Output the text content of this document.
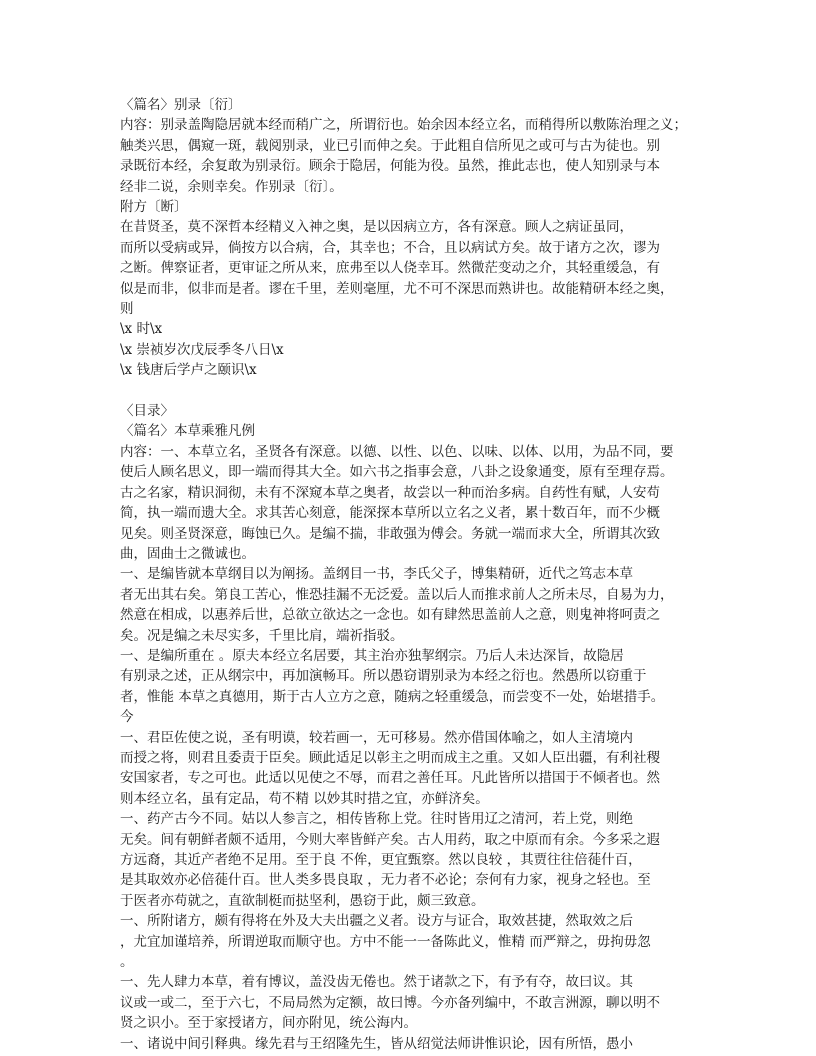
〈篇名〉别录〔衍〕
内容：别录盖陶隐居就本经而稍广之，所谓衍也。始余因本经立名，而稍得所以敷陈治理之义；
触类兴思，偶窥一斑，载阅别录，业已引而伸之矣。于此粗自信所见之或可与古为徒也。别
录既衍本经，余复敢为别录衍。顾余于隐居，何能为役。虽然，推此志也，使人知别录与本
经非二说，余则幸矣。作别录〔衍〕。
附方〔断〕
在昔贤圣，莫不深哲本经精义入神之奥，是以因病立方，各有深意。顾人之病证虽同，
而所以受病或异，倘按方以合病，合，其幸也；不合，且以病试方矣。故于诸方之次，谬为
之断。俾察证者，更审证之所从来，庶弗至以人侥幸耳。然微茫变动之介，其轻重缓急，有
似是而非，似非而是者。谬在千里，差则毫厘，尤不可不深思而熟讲也。故能精研本经之奥，
则
\x 时\x
\x 崇祯岁次戊辰季冬八日\x
\x 钱唐后学卢之颐识\x
〈目录〉
〈篇名〉本草乘雅凡例
内容：一、本草立名，圣贤各有深意。以德、以性、以色、以味、以体、以用，为品不同，要
使后人顾名思义，即一端而得其大全。如六书之指事会意，八卦之设象通变，原有至理存焉。
古之名家，精识洞彻，未有不深窥本草之奥者，故尝以一种而治多病。自药性有赋，人安苟
简，执一端而遗大全。求其苦心刻意，能深探本草所以立名之义者，累十数百年，而不少概
见矣。则圣贤深意，晦蚀已久。是编不揣，非敢强为傅会。务就一端而求大全，所谓其次致
曲，固曲士之微诚也。
一、是编皆就本草纲目以为阐扬。盖纲目一书，李氏父子，博集精研，近代之笃志本草
者无出其右矣。第良工苦心，惟恐挂漏不无泛爱。盖以后人而推求前人之所未尽，自易为力，
然意在相成，以惠养后世，总欲立欲达之一念也。如有肆然思盖前人之意，则鬼神将呵责之
矣。况是编之未尽实多，千里比肩，端祈指驳。
一、是编所重在 。原夫本经立名居要，其主治亦独挈纲宗。乃后人未达深旨，故隐居
有别录之述，正从纲宗中，再加演畅耳。所以愚窃谓别录为本经之衍也。然愚所以窃重于
者，惟能 本草之真德用，斯于古人立方之意，随病之轻重缓急，而尝变不一处，始堪措手。
今
一、君臣佐使之说，圣有明谟，较若画一，无可移易。然亦借国体喻之，如人主清境内
而授之将，则君且委责于臣矣。顾此适足以彰主之明而成主之重。又如人臣出疆，有利社稷
安国家者，专之可也。此适以见使之不辱，而君之善任耳。凡此皆所以措国于不倾者也。然
则本经立名，虽有定品，苟不精 以妙其时措之宜，亦鲜济矣。
一、药产古今不同。姑以人参言之，相传皆称上党。往时皆用辽之清河，若上党，则绝
无矣。间有朝鲜者颇不适用，今则大率皆鲜产矣。古人用药，取之中原而有余。今多采之遐
方远裔，其近产者绝不足用。至于良 不侔，更宜甄察。然以良较 ，其贾往往倍蓰什百，
是其取效亦必倍蓰什百。世人类多畏良取 ，无力者不必论；奈何有力家，视身之轻也。至
于医者亦苟就之，直欲制梃而挞坚利，愚窃于此，颇三致意。
一、所附诸方，颇有得将在外及大夫出疆之义者。设方与证合，取效甚捷，然取效之后
，尤宜加谨培养，所谓逆取而顺守也。方中不能一一备陈此义，惟精 而严辩之，毋拘毋忽
。
一、先人肆力本草，着有博议，盖没齿无倦也。然于诸款之下，有予有夺，故曰议。其
议或一或二，至于六七，不局局然为定额，故曰博。今亦备列编中，不敢言洲源，聊以明不
贤之识小。至于家授诸方，间亦附见，统公海内。
一、诸说中间引释典。缘先君与王绍隆先生，皆从绍觉法师讲惟识论，因有所悟，愚小
